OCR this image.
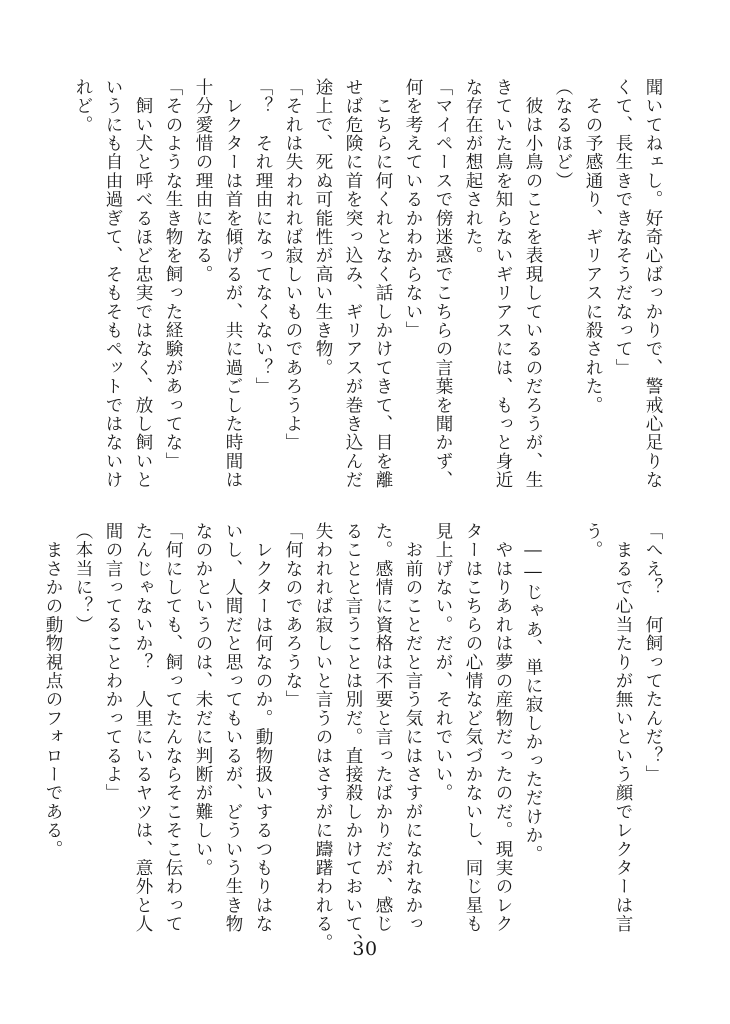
聞いてねェし。好奇心ばっかりで、警戒心足りな
くて、長生きできなそうだなって」
　その予感通り、ギリアスに殺された。
（なるほど）
　彼は小鳥のことを表現しているのだろうが、生
きていた鳥を知らないギリアスには、もっと身近
な存在が想起された。
「マイペースで傍迷惑でこちらの言葉を聞かず、
何を考えているかわからない」
　こちらに何くれとなく話しかけてきて、目を離
せば危険に首を突っ込み、ギリアスが巻き込んだ
途上で、死ぬ可能性が高い生き物。
「それは失われれば寂しいものであろうよ」
「？　それ理由になってなくない？」
　レクターは首を傾げるが、共に過ごした時間は
十分愛惜の理由になる。
「そのような生き物を飼った経験があってな」
　飼い犬と呼べるほど忠実ではなく、放し飼いと
いうにも自由過ぎて、そもそもペットではないけ
れど。
「へえ？　何飼ってたんだ？」
　まるで心当たりが無いという顔でレクターは言
う。

　――じゃあ、単に寂しかっただけか。
　やはりあれは夢の産物だったのだ。現実のレク
ターはこちらの心情など気づかないし、同じ星も
見上げない。だが、それでいい。
　お前のことだと言う気にはさすがになれなかっ
た。感情に資格は不要と言ったばかりだが、感じ
ることと言うことは別だ。直接殺しかけておいて、
失われれば寂しいと言うのはさすがに躊躇われる。
「何なのであろうな」
　レクターは何なのか。動物扱いするつもりはな
いし、人間だと思ってもいるが、どういう生き物
なのかというのは、未だに判断が難しい。
「何にしても、飼ってたんならそこそこ伝わって
たんじゃないか？　人里にいるヤツは、意外と人
間の言ってることわかってるよ」
（本当に？）
　まさかの動物視点のフォローである。
30
